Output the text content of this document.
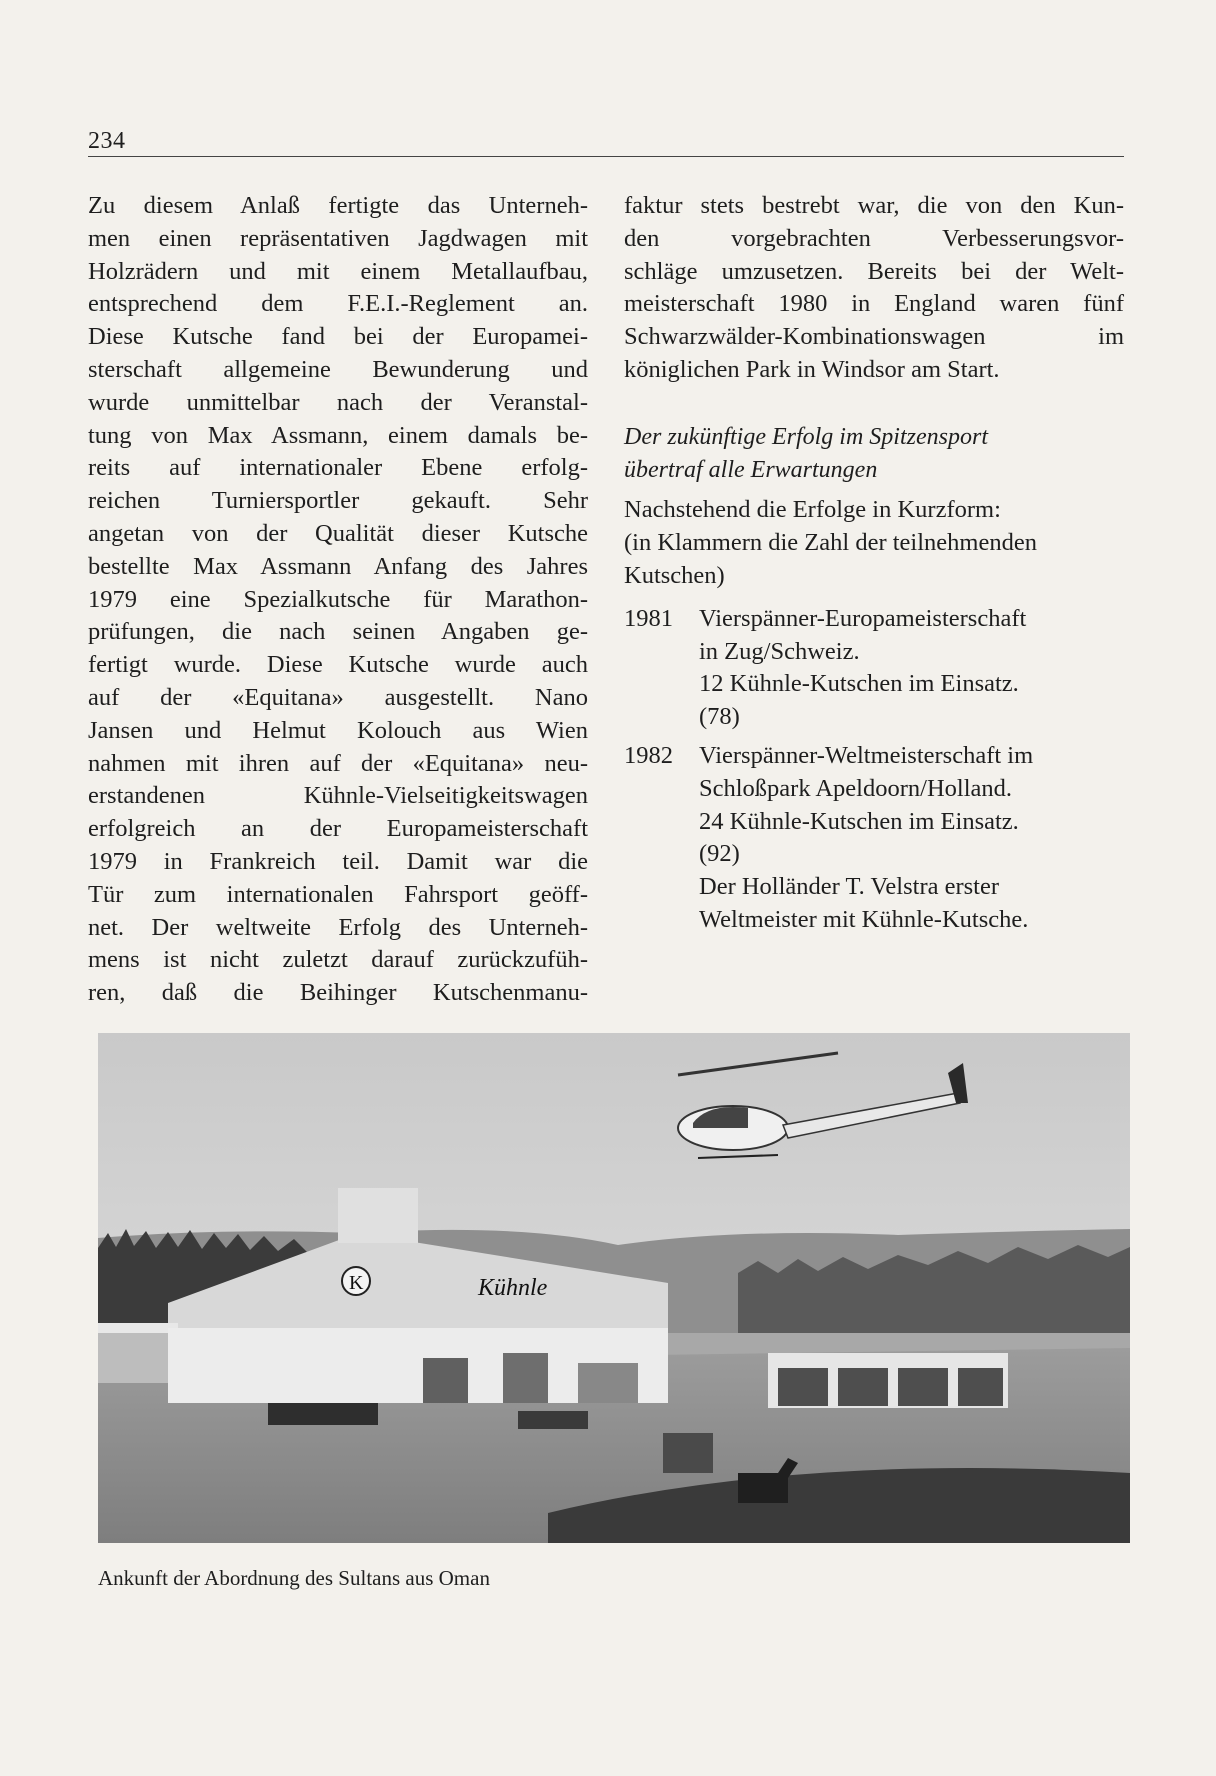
234

Zu diesem Anlaß fertigte das Unterneh-
men einen repräsentativen Jagdwagen mit
Holzrädern und mit einem Metallaufbau,
entsprechend dem F.E.I.-Reglement an.
Diese Kutsche fand bei der Europamei-
sterschaft allgemeine Bewunderung und
wurde unmittelbar nach der Veranstal-
tung von Max Assmann, einem damals be-
reits auf internationaler Ebene erfolg-
reichen Turniersportler gekauft. Sehr
angetan von der Qualität dieser Kutsche
bestellte Max Assmann Anfang des Jahres
1979 eine Spezialkutsche für Marathon-
prüfungen, die nach seinen Angaben ge-
fertigt wurde. Diese Kutsche wurde auch
auf der «Equitana» ausgestellt. Nano
Jansen und Helmut Kolouch aus Wien
nahmen mit ihren auf der «Equitana» neu-
erstandenen Kühnle-Vielseitigkeitswagen
erfolgreich an der Europameisterschaft
1979 in Frankreich teil. Damit war die
Tür zum internationalen Fahrsport geöff-
net. Der weltweite Erfolg des Unterneh-
mens ist nicht zuletzt darauf zurückzufüh-
ren, daß die Beihinger Kutschenmanu-

faktur stets bestrebt war, die von den Kun-
den vorgebrachten Verbesserungsvor-
schläge umzusetzen. Bereits bei der Welt-
meisterschaft 1980 in England waren fünf
Schwarzwälder-Kombinationswagen im
königlichen Park in Windsor am Start.

Der zukünftige Erfolg im Spitzensport
übertraf alle Erwartungen
Nachstehend die Erfolge in Kurzform:
(in Klammern die Zahl der teilnehmenden
Kutschen)
1981	Vierspänner-Europameisterschaft
in Zug/Schweiz.
12 Kühnle-Kutschen im Einsatz.
(78)
1982	Vierspänner-Weltmeisterschaft im
Schloßpark Apeldoorn/Holland.
24 Kühnle-Kutschen im Einsatz.
(92)
Der Holländer T. Velstra erster
Weltmeister mit Kühnle-Kutsche.
K	Kühnle
Ankunft der Abordnung des Sultans aus Oman
